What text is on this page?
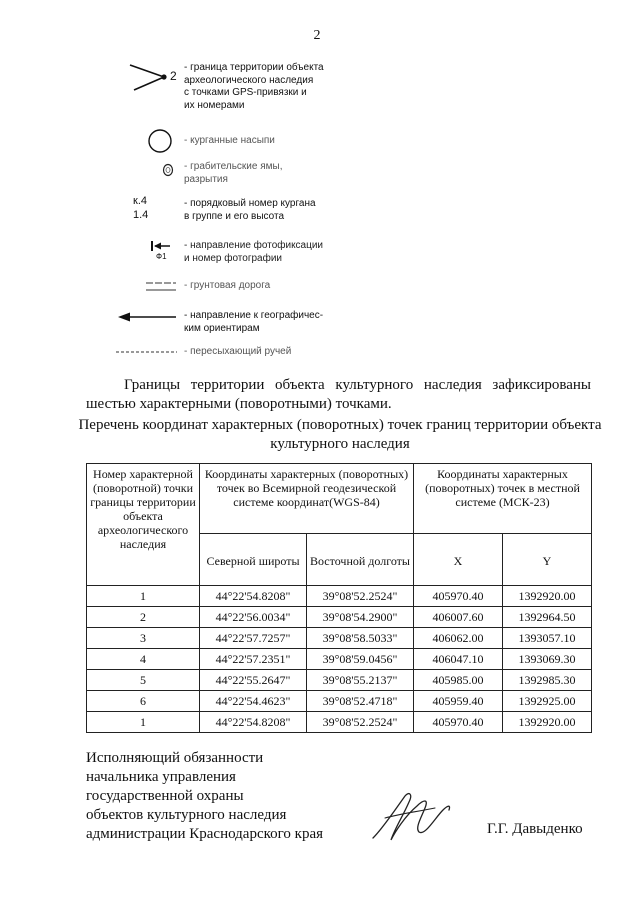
2
2
- граница территории объекта
археологического наследия
с точками GPS-привязки и
их номерами
- курганные насыпи
- грабительские ямы,
разрытия
к.4
1.4
- порядковый номер кургана
в группе и его высота
Ф1
- направление фотофиксации
и номер фотографии
- грунтовая дорога
- направление к географичес-
ким ориентирам
- пересыхающий ручей

Границы территории объекта культурного наследия зафиксированы шестью характерными (поворотными) точками.

Перечень координат характерных (поворотных) точек границ территории объекта культурного наследия
Номер характерной (поворотной) точки границы территории объекта археологического наследия	Координаты характерных (поворотных) точек во Всемирной геодезической системе координат(WGS-84)		Координаты характерных (поворотных) точек в местной системе (МСК-23)	
	Северной широты	Восточной долготы	X	Y
1	44°22'54.8208"	39°08'52.2524"	405970.40	1392920.00
2	44°22'56.0034"	39°08'54.2900"	406007.60	1392964.50
3	44°22'57.7257"	39°08'58.5033"	406062.00	1393057.10
4	44°22'57.2351"	39°08'59.0456"	406047.10	1393069.30
5	44°22'55.2647"	39°08'55.2137"	405985.00	1392985.30
6	44°22'54.4623"	39°08'52.4718"	405959.40	1392925.00
1	44°22'54.8208"	39°08'52.2524"	405970.40	1392920.00
Исполняющий обязанности
начальника управления
государственной охраны
объектов культурного наследия
администрации Краснодарского края	Г.Г. Давыденко
